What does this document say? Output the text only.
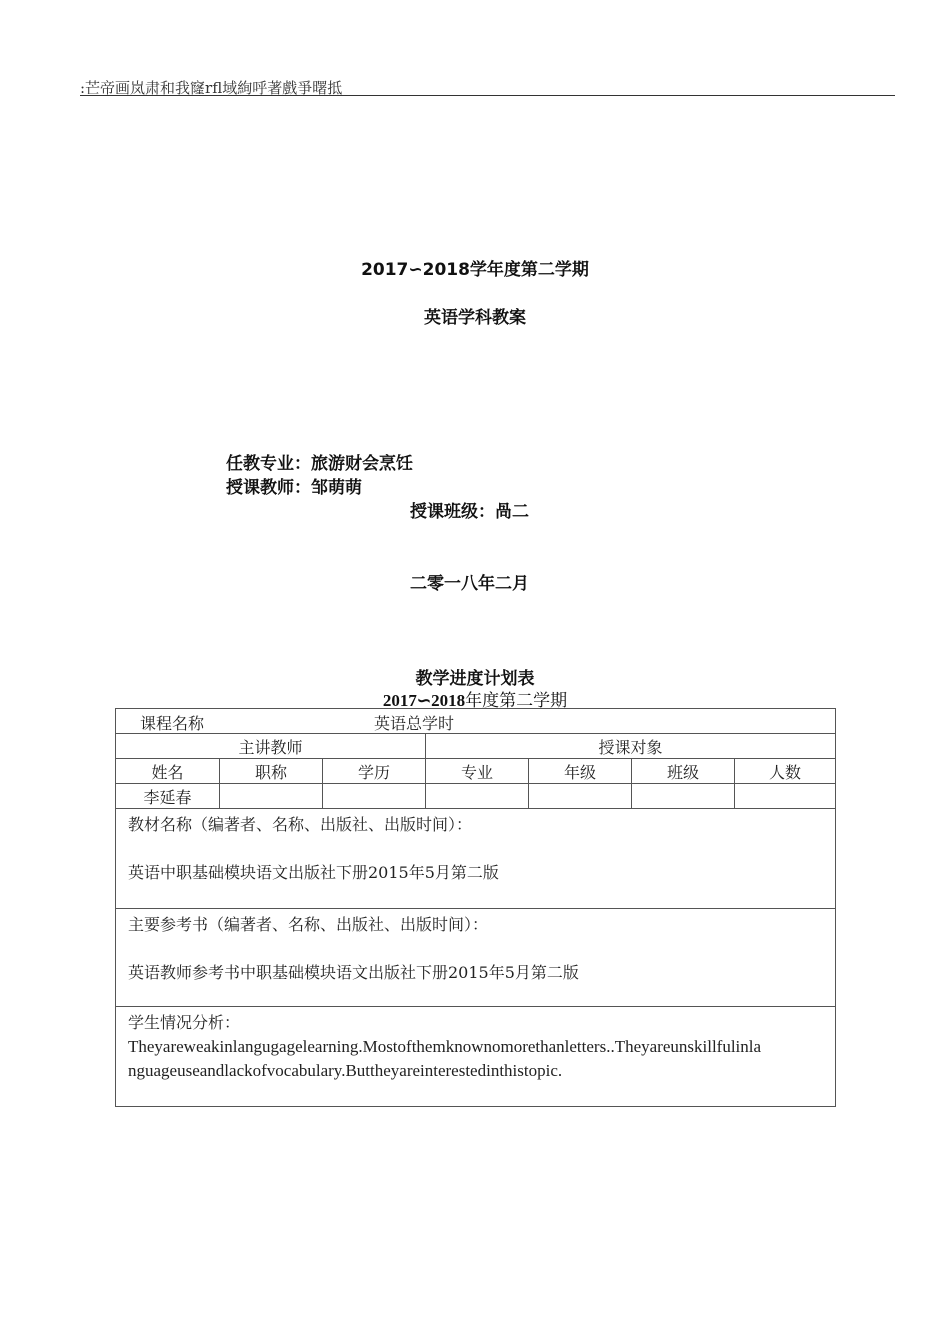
:芒帝画岚肃和我窿rfl域絢呼著戲爭曙抵
2017∽2018学年度第二学期
英语学科教案
任教专业：旅游财会烹饪
授课教师：邹萌萌
授课班级：咼二
二零一八年二月
教学进度计划表
2017∽2018年度第二学期
课程名称 英语总学时						

主讲教师			授课对象			
姓名	职称	学历	专业	年级	班级	人数
李延春						

教材名称（编著者、名称、出版社、出版时间）：
英语中职基础模块语文出版社下册2015年5月第二版						

主要参考书（编著者、名称、出版社、出版时间）：
英语教师参考书中职基础模块语文出版社下册2015年5月第二版						

学生情况分析：
Theyareweakinlangugagelearning.Mostofthemknownomorethanletters..Theyareunskillfulinla
nguageuseandlackofvocabulary.Buttheyareinterestedinthistopic.						
